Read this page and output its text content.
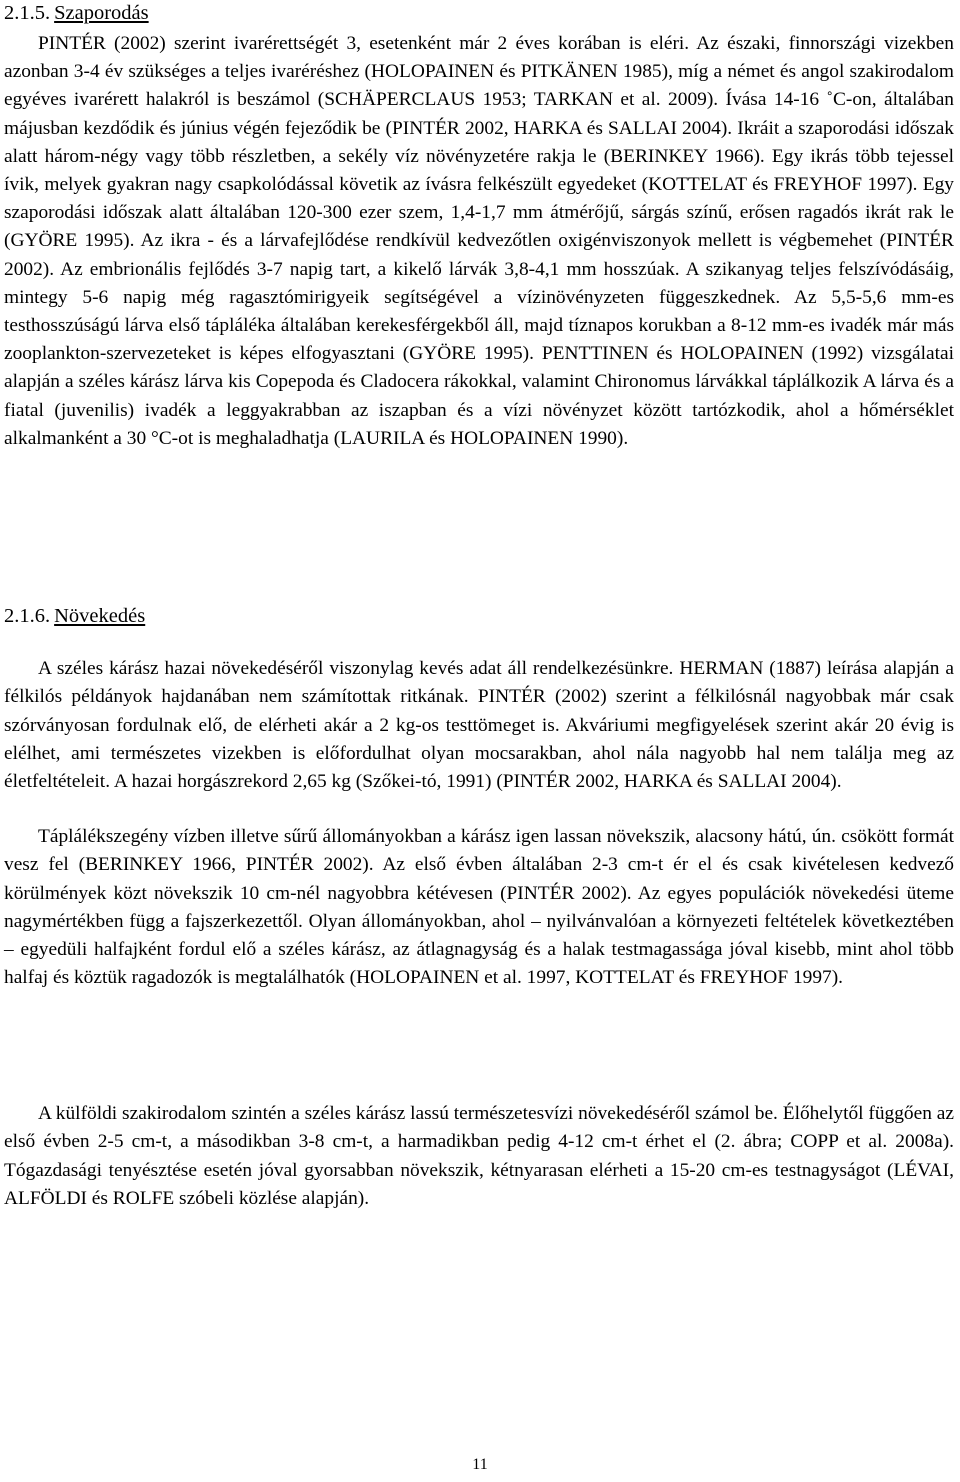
2.1.5. Szaporodás

PINTÉR (2002) szerint ivarérettségét 3, esetenként már 2 éves korában is eléri. Az északi, finnországi vizekben azonban 3-4 év szükséges a teljes ivaréréshez (HOLOPAINEN és PITKÄNEN 1985), míg a német és angol szakirodalom egyéves ivarérett halakról is beszámol (SCHÄPERCLAUS 1953; TARKAN et al. 2009). Ívása 14-16 ˚C-on, általában májusban kezdődik és június végén fejeződik be (PINTÉR 2002, HARKA és SALLAI 2004). Ikráit a szaporodási időszak alatt három-négy vagy több részletben, a sekély víz növényzetére rakja le (BERINKEY 1966). Egy ikrás több tejessel ívik, melyek gyakran nagy csapkolódással követik az ívásra felkészült egyedeket (KOTTELAT és FREYHOF 1997). Egy szaporodási időszak alatt általában 120-300 ezer szem, 1,4-1,7 mm átmérőjű, sárgás színű, erősen ragadós ikrát rak le (GYÖRE 1995). Az ikra - és a lárvafejlődése rendkívül kedvezőtlen oxigénviszonyok mellett is végbemehet (PINTÉR 2002). Az embrionális fejlődés 3-7 napig tart, a kikelő lárvák 3,8-4,1 mm hosszúak. A szikanyag teljes felszívódásáig, mintegy 5-6 napig még ragasztómirigyeik segítségével a vízinövényzeten függeszkednek. Az 5,5-5,6 mm-es testhosszúságú lárva első tápláléka általában kerekesférgekből áll, majd tíznapos korukban a 8-12 mm-es ivadék már más zooplankton-szervezeteket is képes elfogyasztani (GYÖRE 1995). PENTTINEN és HOLOPAINEN (1992) vizsgálatai alapján a széles kárász lárva kis Copepoda és Cladocera rákokkal, valamint Chironomus lárvákkal táplálkozik A lárva és a fiatal (juvenilis) ivadék a leggyakrabban az iszapban és a vízi növényzet között tartózkodik, ahol a hőmérséklet alkalmanként a 30 °C-ot is meghaladhatja (LAURILA és HOLOPAINEN 1990).

2.1.6. Növekedés

A széles kárász hazai növekedéséről viszonylag kevés adat áll rendelkezésünkre. HERMAN (1887) leírása alapján a félkilós példányok hajdanában nem számítottak ritkának. PINTÉR (2002) szerint a félkilósnál nagyobbak már csak szórványosan fordulnak elő, de elérheti akár a 2 kg-os testtömeget is. Akváriumi megfigyelések szerint akár 20 évig is elélhet, ami természetes vizekben is előfordulhat olyan mocsarakban, ahol nála nagyobb hal nem találja meg az életfeltételeit. A hazai horgászrekord 2,65 kg (Szőkei-tó, 1991) (PINTÉR 2002, HARKA és SALLAI 2004).

Táplálékszegény vízben illetve sűrű állományokban a kárász igen lassan növekszik, alacsony hátú, ún. csökött formát vesz fel (BERINKEY 1966, PINTÉR 2002). Az első évben általában 2-3 cm-t ér el és csak kivételesen kedvező körülmények közt növekszik 10 cm-nél nagyobbra kétévesen (PINTÉR 2002). Az egyes populációk növekedési üteme nagymértékben függ a fajszerkezettől. Olyan állományokban, ahol – nyilvánvalóan a környezeti feltételek következtében – egyedüli halfajként fordul elő a széles kárász, az átlagnagyság és a halak testmagassága jóval kisebb, mint ahol több halfaj és köztük ragadozók is megtalálhatók (HOLOPAINEN et al. 1997, KOTTELAT és FREYHOF 1997).

A külföldi szakirodalom szintén a széles kárász lassú természetesvízi növekedéséről számol be. Élőhelytől függően az első évben 2-5 cm-t, a másodikban 3-8 cm-t, a harmadikban pedig 4-12 cm-t érhet el (2. ábra; COPP et al. 2008a). Tógazdasági tenyésztése esetén jóval gyorsabban növekszik, kétnyarasan elérheti a 15-20 cm-es testnagyságot (LÉVAI, ALFÖLDI és ROLFE szóbeli közlése alapján).

11
